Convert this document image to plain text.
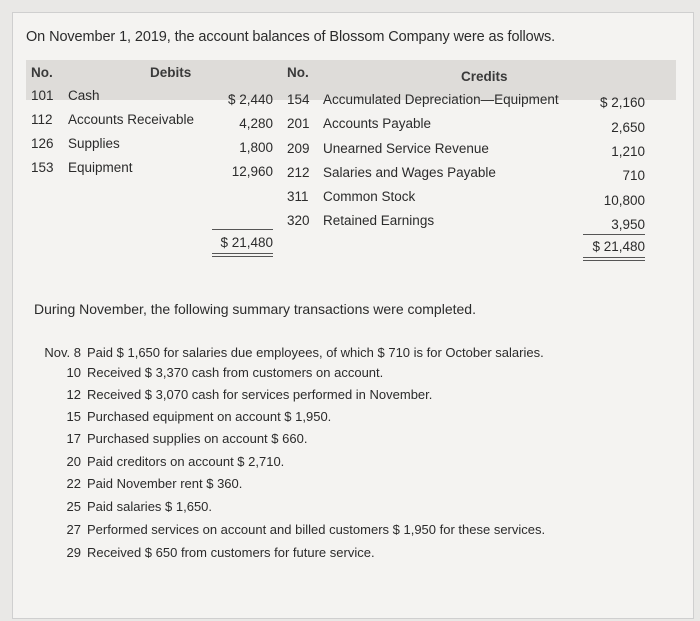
On November 1, 2019, the account balances of Blossom Company were as follows.
No.	Debits	No.	Credits
101 Cash	$ 2,440
112 Accounts Receivable	4,280
126 Supplies	1,800
153 Equipment	12,960
154 Accumulated Depreciation—Equipment	$ 2,160
201 Accounts Payable	2,650
209 Unearned Service Revenue	1,210
212 Salaries and Wages Payable	710
311 Common Stock	10,800
320 Retained Earnings	3,950
$ 21,480	$ 21,480
During November, the following summary transactions were completed.
Nov. 8 Paid $ 1,650 for salaries due employees, of which $ 710 is for October salaries.
10 Received $ 3,370 cash from customers on account.
12 Received $ 3,070 cash for services performed in November.
15 Purchased equipment on account $ 1,950.
17 Purchased supplies on account $ 660.
20 Paid creditors on account $ 2,710.
22 Paid November rent $ 360.
25 Paid salaries $ 1,650.
27 Performed services on account and billed customers $ 1,950 for these services.
29 Received $ 650 from customers for future service.
